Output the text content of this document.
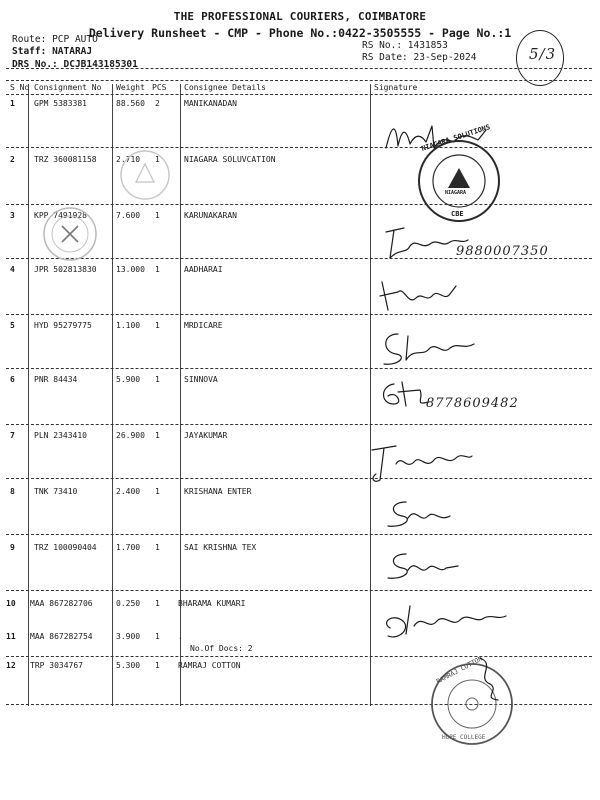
THE PROFESSIONAL COURIERS, COIMBATORE
Delivery Runsheet - CMP - Phone No.:0422-3505555 - Page No.:1
Route: PCP AUTO
Staff: NATARAJ
DRS No.: DCJB143185301
RS No.: 1431853
RS Date: 23-Sep-2024	5/3
S No Consignment No Weight PCS Consignee Details	Signature
1 GPM 5383381	88.560 2	MANIKANADAN
2 TRZ 360081158 2.710 1	NIAGARA SOLUVCATION
3 KPP 7491928	7.600 1	KARUNAKARAN
4 JPR 502813830 13.000 1	AADHARAI
5 HYD 95279775	1.100 1	MRDICARE
6 PNR 84434	5.900 1	SINNOVA
7 PLN 2343410	26.900 1	JAYAKUMAR
8 TNK 73410	2.400 1	KRISHANA ENTER
9 TRZ 100090404 1.700 1	SAI KRISHNA TEX
10 MAA 867282706	0.250 1 BHARAMA KUMARI
11 MAA 867282754	3.900 1 .
No.Of Docs: 2
12 TRP 3034767	5.300 1 RAMRAJ COTTON
9880007350
8778609482
NIAGARA SOLUTIONS
NIAGARA
CBE
RAMRAJ COTTON
HOPE COLLEGE
